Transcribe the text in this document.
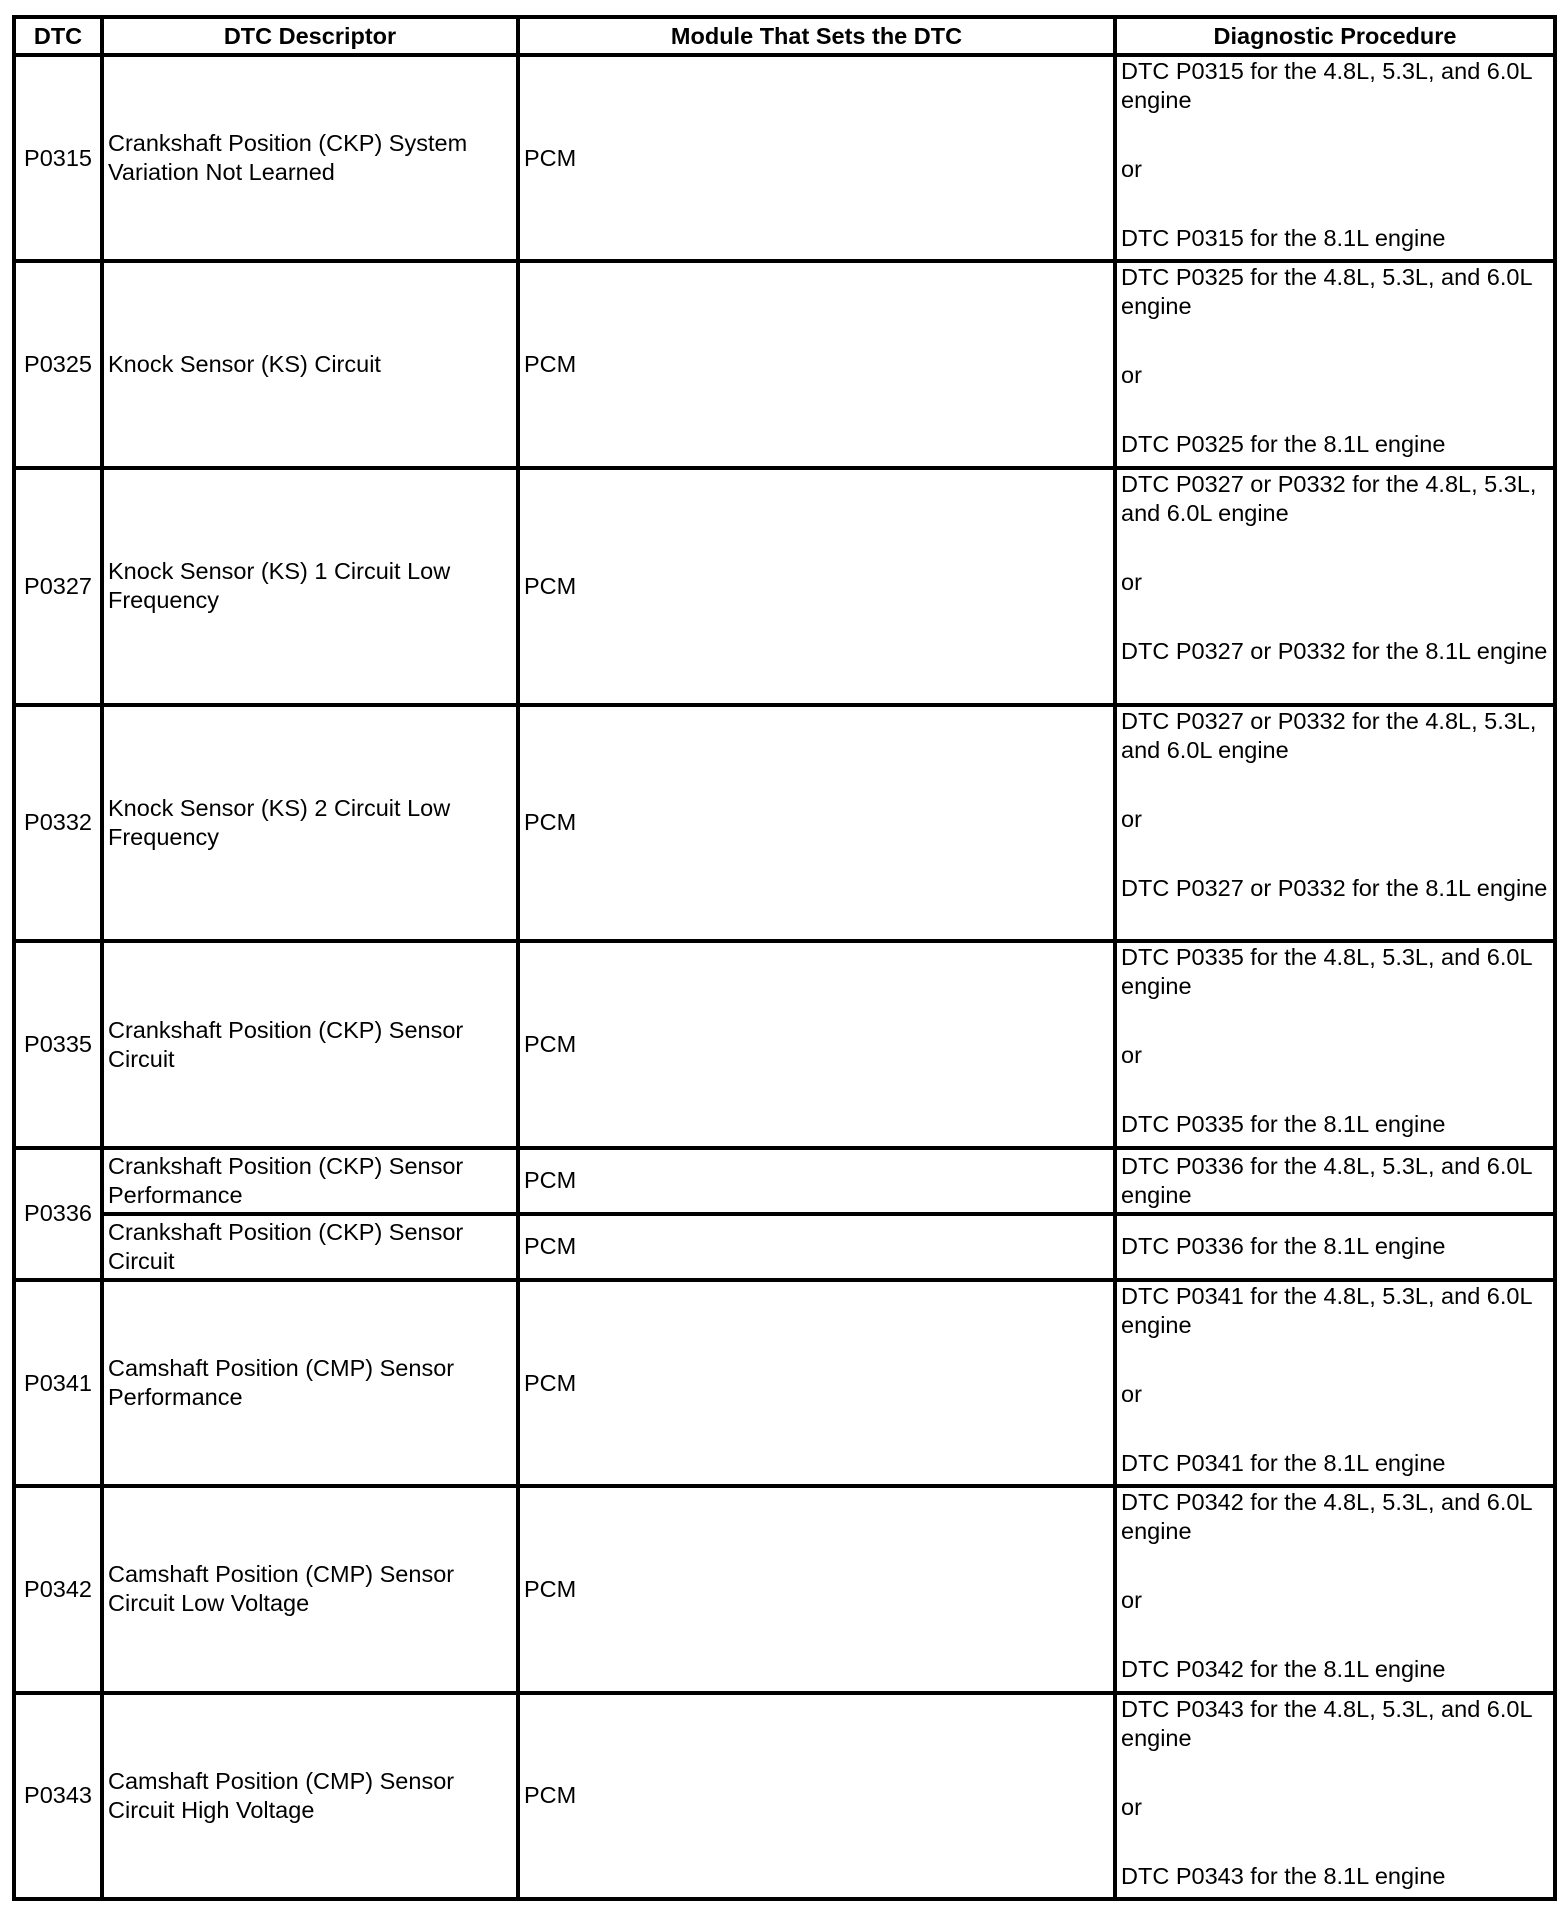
DTC	DTC Descriptor	Module That Sets the DTC	Diagnostic Procedure
P0315	Crankshaft Position (CKP) System Variation Not Learned	PCM	DTC P0315 for the 4.8L, 5.3L, and 6.0L engine
or
DTC P0315 for the 8.1L engine

P0325	Knock Sensor (KS) Circuit	PCM	DTC P0325 for the 4.8L, 5.3L, and 6.0L engine
or
DTC P0325 for the 8.1L engine

P0327	Knock Sensor (KS) 1 Circuit Low Frequency	PCM	DTC P0327 or P0332 for the 4.8L, 5.3L, and 6.0L engine
or
DTC P0327 or P0332 for the 8.1L engine

P0332	Knock Sensor (KS) 2 Circuit Low Frequency	PCM	DTC P0327 or P0332 for the 4.8L, 5.3L, and 6.0L engine
or
DTC P0327 or P0332 for the 8.1L engine

P0335	Crankshaft Position (CKP) Sensor Circuit	PCM	DTC P0335 for the 4.8L, 5.3L, and 6.0L engine
or
DTC P0335 for the 8.1L engine

P0336	Crankshaft Position (CKP) Sensor Performance	PCM	DTC P0336 for the 4.8L, 5.3L, and 6.0L engine
	Crankshaft Position (CKP) Sensor Circuit	PCM	DTC P0336 for the 8.1L engine
P0341	Camshaft Position (CMP) Sensor Performance	PCM	DTC P0341 for the 4.8L, 5.3L, and 6.0L engine
or
DTC P0341 for the 8.1L engine

P0342	Camshaft Position (CMP) Sensor Circuit Low Voltage	PCM	DTC P0342 for the 4.8L, 5.3L, and 6.0L engine
or
DTC P0342 for the 8.1L engine

P0343	Camshaft Position (CMP) Sensor Circuit High Voltage	PCM	DTC P0343 for the 4.8L, 5.3L, and 6.0L engine
or
DTC P0343 for the 8.1L engine
